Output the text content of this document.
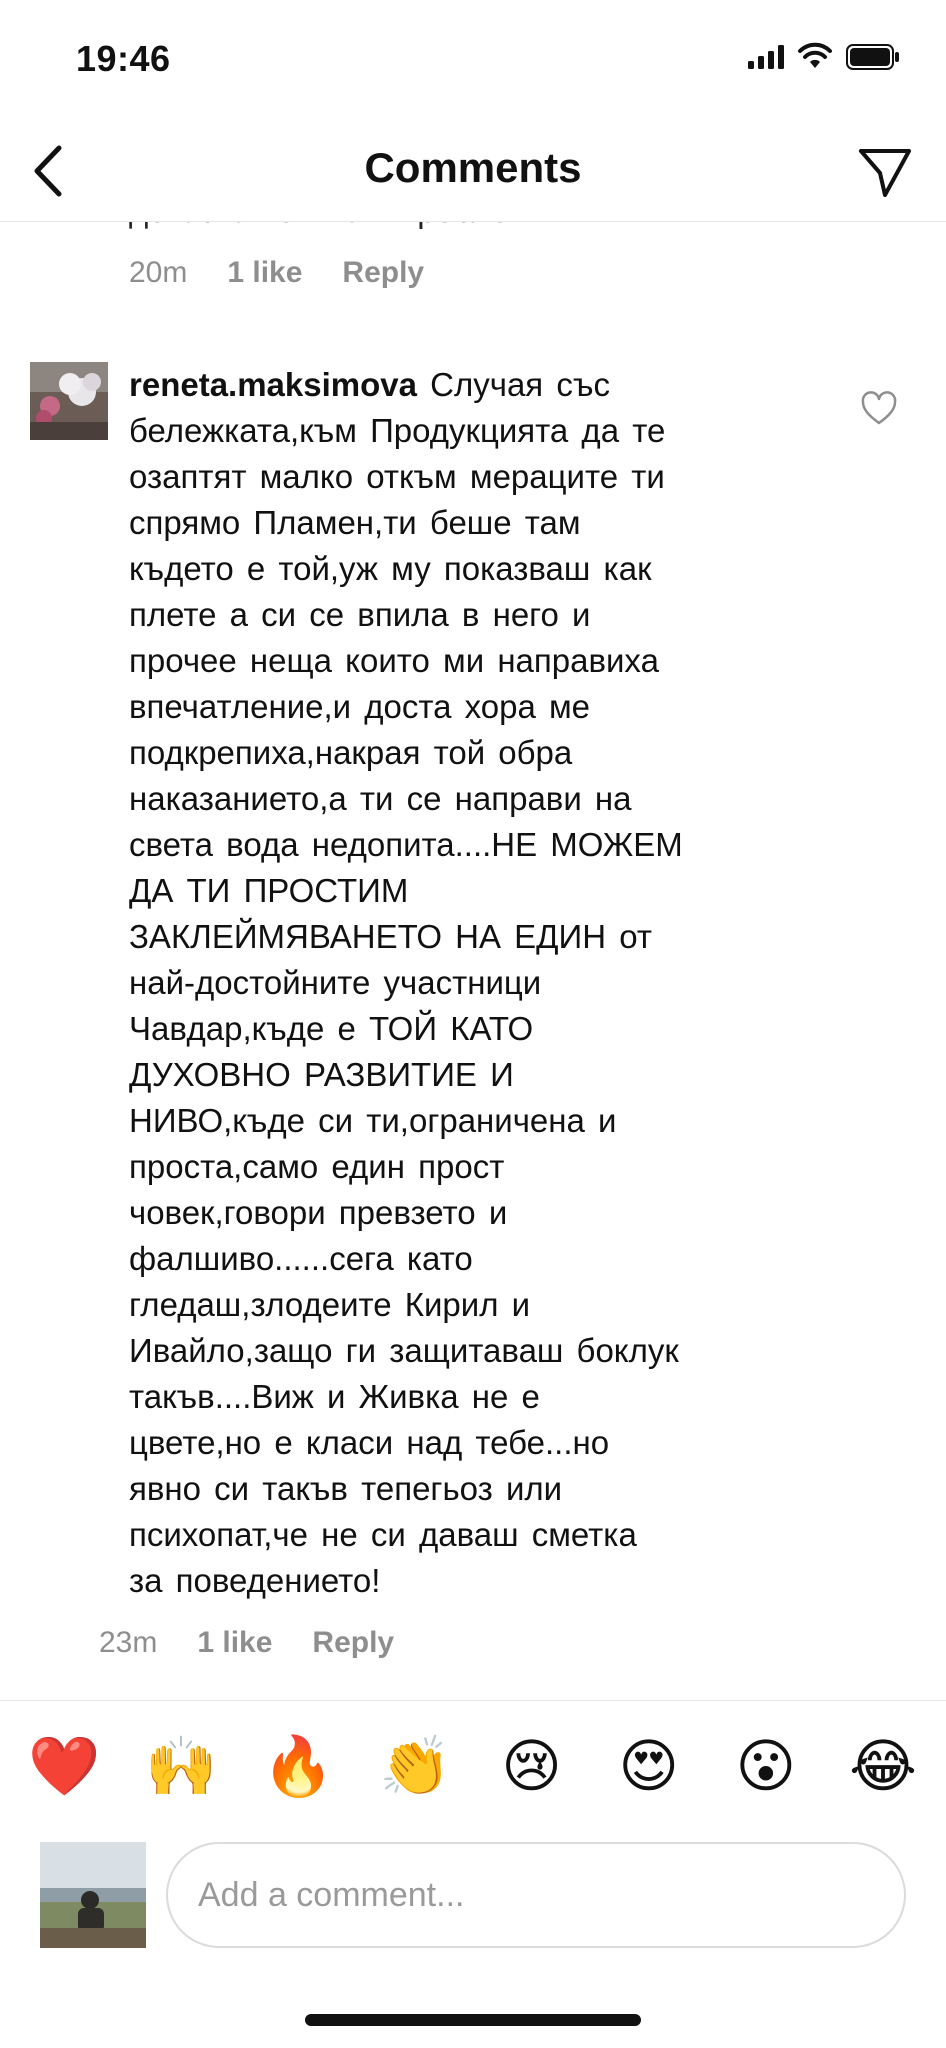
19:46
Comments
20m 1 like Reply
reneta.maksimova Случая със
бележката,към Продукцията да те
озаптят малко откъм мераците ти
спрямо Пламен,ти беше там
където е той,уж му показваш как
плете а си се впила в него и
прочее неща които ми направиха
впечатление,и доста хора ме
подкрепиха,накрая той обра
наказанието,а ти се направи на
света вода недопита....НЕ МОЖЕМ
ДА ТИ ПРОСТИМ
ЗАКЛЕЙМЯВАНЕТО НА ЕДИН от
най-достойните участници
Чавдар,къде е ТОЙ КАТО
ДУХОВНО РАЗВИТИЕ И
НИВО,къде си ти,ограничена и
проста,само един прост
човек,говори превзето и
фалшиво......сега като
гледаш,злодеите Кирил и
Ивайло,защо ги защитаваш боклук
такъв....Виж и Живка не е
цвете,но е класи над тебе...но
явно си такъв тепегьоз или
психопат,че не си даваш сметка
за поведението!
23m 1 like Reply
❤️ 🙌 🔥 👏 😢 😍 😮 😂
Add a comment...
